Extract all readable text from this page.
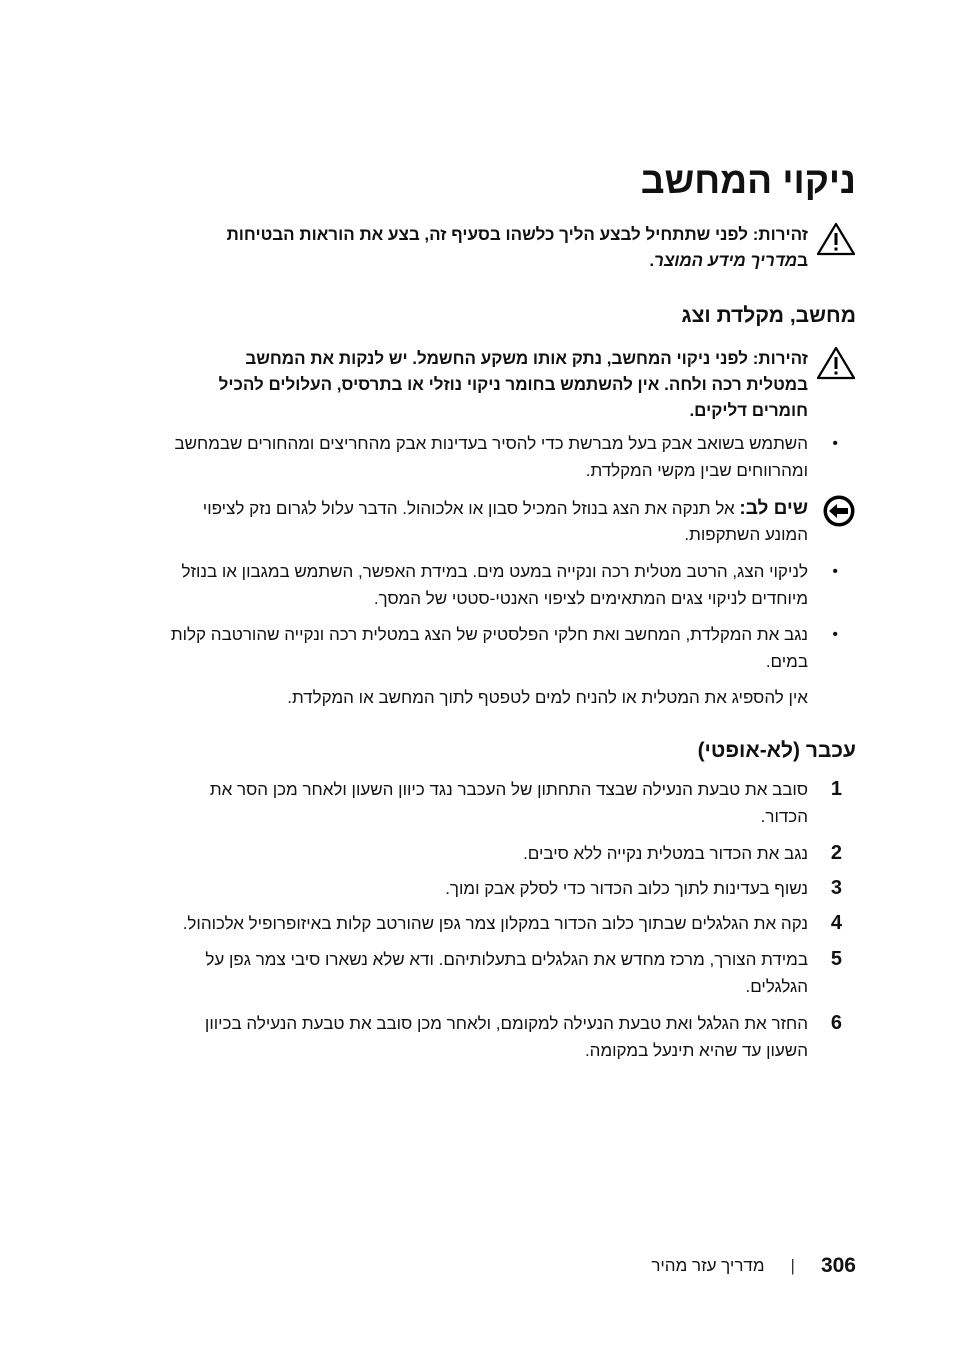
ניקוי המחשב
זהירות: לפני שתתחיל לבצע הליך כלשהו בסעיף זה, בצע את הוראות הבטיחות
במדריך מידע המוצר.
מחשב, מקלדת וצג
זהירות: לפני ניקוי המחשב, נתק אותו משקע החשמל. יש לנקות את המחשב
במטלית רכה ולחה. אין להשתמש בחומר ניקוי נוזלי או בתרסיס, העלולים להכיל
חומרים דליקים.
•
השתמש בשואב אבק בעל מברשת כדי להסיר בעדינות אבק מהחריצים ומהחורים שבמחשב
ומהרווחים שבין מקשי המקלדת.
שים לב: אל תנקה את הצג בנוזל המכיל סבון או אלכוהול. הדבר עלול לגרום נזק לציפוי
המונע השתקפות.
•
לניקוי הצג, הרטב מטלית רכה ונקייה במעט מים. במידת האפשר, השתמש במגבון או בנוזל
מיוחדים לניקוי צגים המתאימים לציפוי האנטי-סטטי של המסך.
•
נגב את המקלדת, המחשב ואת חלקי הפלסטיק של הצג במטלית רכה ונקייה שהורטבה קלות
במים.
אין להספיג את המטלית או להניח למים לטפטף לתוך המחשב או המקלדת.
עכבר (לא-אופטי)
1
סובב את טבעת הנעילה שבצד התחתון של העכבר נגד כיוון השעון ולאחר מכן הסר את
הכדור.
2
נגב את הכדור במטלית נקייה ללא סיבים.
3
נשוף בעדינות לתוך כלוב הכדור כדי לסלק אבק ומוך.
4
נקה את הגלגלים שבתוך כלוב הכדור במקלון צמר גפן שהורטב קלות באיזופרופיל אלכוהול.
5
במידת הצורך, מרכז מחדש את הגלגלים בתעלותיהם. ודא שלא נשארו סיבי צמר גפן על
הגלגלים.
6
החזר את הגלגל ואת טבעת הנעילה למקומם, ולאחר מכן סובב את טבעת הנעילה בכיוון
השעון עד שהיא תינעל במקומה.
306
|
מדריך עזר מהיר
